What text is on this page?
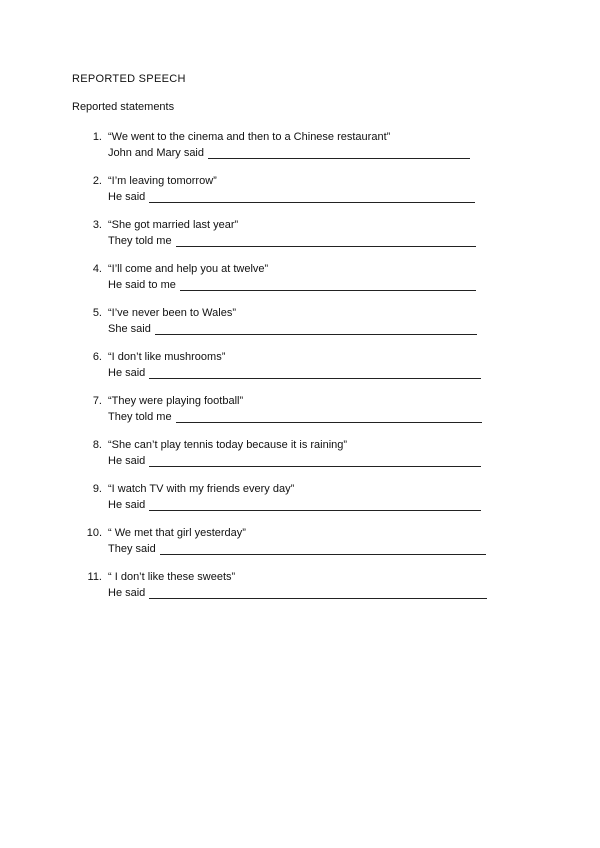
REPORTED SPEECH
Reported statements
1. “We went to the cinema and then to a Chinese restaurant”
John and Mary said
2. “I’m leaving tomorrow”
He said
3. “She got married last year”
They told me
4. “I’ll come and help you at twelve”
He said to me
5. “I’ve never been to Wales”
She said
6. “I don’t like mushrooms”
He said
7. “They were playing football”
They told me
8. “She can’t play tennis today because it is raining”
He said
9. “I watch TV with my friends every day”
He said
10. “ We met that girl yesterday”
They said
11. “ I don’t like these sweets”
He said
